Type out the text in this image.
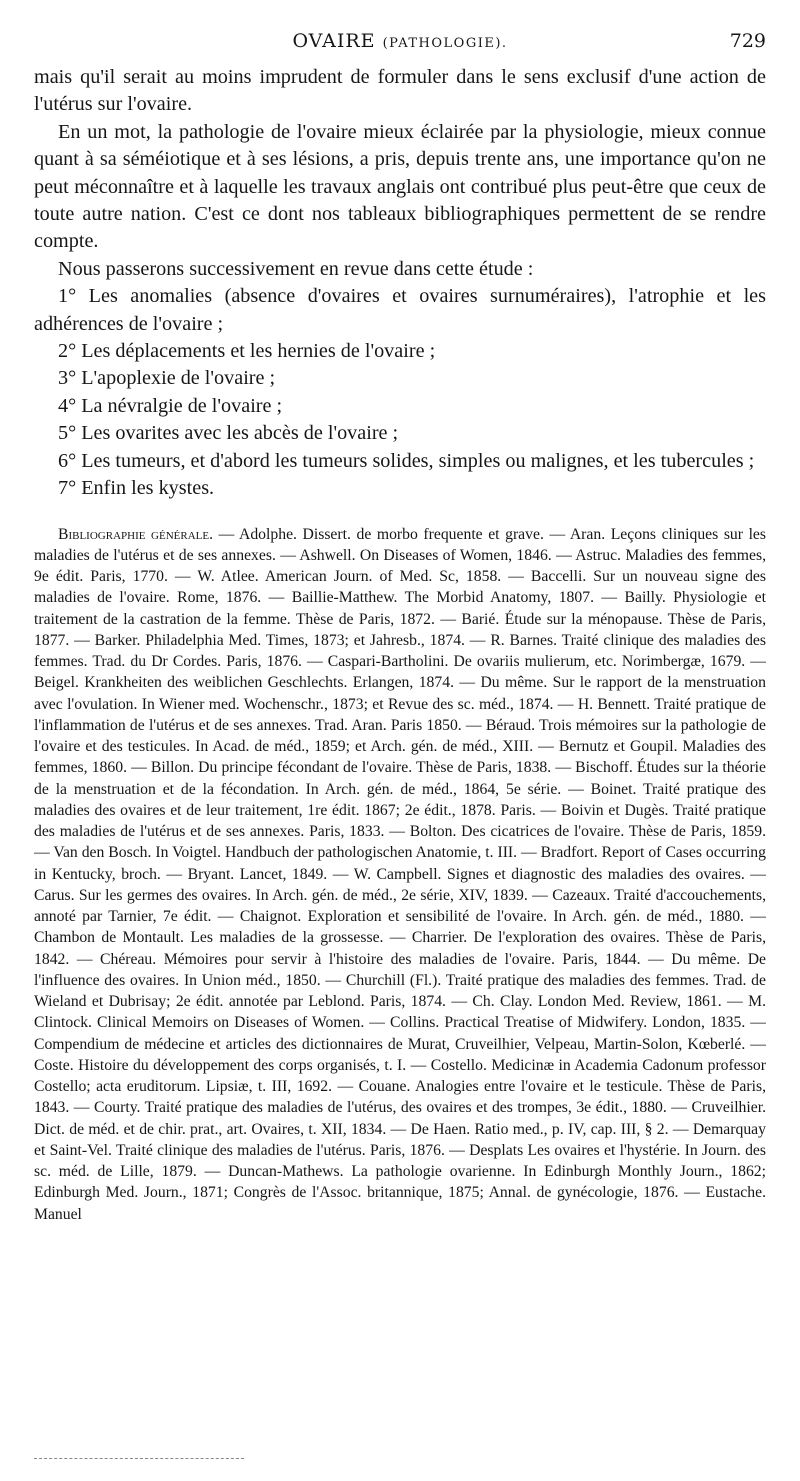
OVAIRE (PATHOLOGIE).	729

mais qu'il serait au moins imprudent de formuler dans le sens exclusif d'une action de l'utérus sur l'ovaire.

En un mot, la pathologie de l'ovaire mieux éclairée par la physiologie, mieux connue quant à sa séméiotique et à ses lésions, a pris, depuis trente ans, une importance qu'on ne peut méconnaître et à laquelle les travaux anglais ont contribué plus peut-être que ceux de toute autre nation. C'est ce dont nos tableaux bibliographiques permettent de se rendre compte.

Nous passerons successivement en revue dans cette étude :

1° Les anomalies (absence d'ovaires et ovaires surnuméraires), l'atrophie et les adhérences de l'ovaire ;

2° Les déplacements et les hernies de l'ovaire ;

3° L'apoplexie de l'ovaire ;

4° La névralgie de l'ovaire ;

5° Les ovarites avec les abcès de l'ovaire ;

6° Les tumeurs, et d'abord les tumeurs solides, simples ou malignes, et les tubercules ;

7° Enfin les kystes.

Bibliographie générale. — Adolphe. Dissert. de morbo frequente et grave. — Aran. Leçons cliniques sur les maladies de l'utérus et de ses annexes. — Ashwell. On Diseases of Women, 1846. — Astruc. Maladies des femmes, 9e édit. Paris, 1770. — W. Atlee. American Journ. of Med. Sc, 1858. — Baccelli. Sur un nouveau signe des maladies de l'ovaire. Rome, 1876. — Baillie-Matthew. The Morbid Anatomy, 1807. — Bailly. Physiologie et traitement de la castration de la femme. Thèse de Paris, 1872. — Barié. Étude sur la ménopause. Thèse de Paris, 1877. — Barker. Philadelphia Med. Times, 1873; et Jahresb., 1874. — R. Barnes. Traité clinique des maladies des femmes. Trad. du Dr Cordes. Paris, 1876. — Caspari-Bartholini. De ovariis mulierum, etc. Norimbergæ, 1679. — Beigel. Krankheiten des weiblichen Geschlechts. Erlangen, 1874. — Du même. Sur le rapport de la menstruation avec l'ovulation. In Wiener med. Wochenschr., 1873; et Revue des sc. méd., 1874. — H. Bennett. Traité pratique de l'inflammation de l'utérus et de ses annexes. Trad. Aran. Paris 1850. — Béraud. Trois mémoires sur la pathologie de l'ovaire et des testicules. In Acad. de méd., 1859; et Arch. gén. de méd., XIII. — Bernutz et Goupil. Maladies des femmes, 1860. — Billon. Du principe fécondant de l'ovaire. Thèse de Paris, 1838. — Bischoff. Études sur la théorie de la menstruation et de la fécondation. In Arch. gén. de méd., 1864, 5e série. — Boinet. Traité pratique des maladies des ovaires et de leur traitement, 1re édit. 1867; 2e édit., 1878. Paris. — Boivin et Dugès. Traité pratique des maladies de l'utérus et de ses annexes. Paris, 1833. — Bolton. Des cicatrices de l'ovaire. Thèse de Paris, 1859. — Van den Bosch. In Voigtel. Handbuch der pathologischen Anatomie, t. III. — Bradfort. Report of Cases occurring in Kentucky, broch. — Bryant. Lancet, 1849. — W. Campbell. Signes et diagnostic des maladies des ovaires. — Carus. Sur les germes des ovaires. In Arch. gén. de méd., 2e série, XIV, 1839. — Cazeaux. Traité d'accouchements, annoté par Tarnier, 7e édit. — Chaignot. Exploration et sensibilité de l'ovaire. In Arch. gén. de méd., 1880. — Chambon de Montault. Les maladies de la grossesse. — Charrier. De l'exploration des ovaires. Thèse de Paris, 1842. — Chéreau. Mémoires pour servir à l'histoire des maladies de l'ovaire. Paris, 1844. — Du même. De l'influence des ovaires. In Union méd., 1850. — Churchill (Fl.). Traité pratique des maladies des femmes. Trad. de Wieland et Dubrisay; 2e édit. annotée par Leblond. Paris, 1874. — Ch. Clay. London Med. Review, 1861. — M. Clintock. Clinical Memoirs on Diseases of Women. — Collins. Practical Treatise of Midwifery. London, 1835. — Compendium de médecine et articles des dictionnaires de Murat, Cruveilhier, Velpeau, Martin-Solon, Kœberlé. — Coste. Histoire du développement des corps organisés, t. I. — Costello. Medicinæ in Academia Cadonum professor Costello; acta eruditorum. Lipsiæ, t. III, 1692. — Couane. Analogies entre l'ovaire et le testicule. Thèse de Paris, 1843. — Courty. Traité pratique des maladies de l'utérus, des ovaires et des trompes, 3e édit., 1880. — Cruveilhier. Dict. de méd. et de chir. prat., art. Ovaires, t. XII, 1834. — De Haen. Ratio med., p. IV, cap. III, § 2. — Demarquay et Saint-Vel. Traité clinique des maladies de l'utérus. Paris, 1876. — Desplats Les ovaires et l'hystérie. In Journ. des sc. méd. de Lille, 1879. — Duncan-Mathews. La pathologie ovarienne. In Edinburgh Monthly Journ., 1862; Edinburgh Med. Journ., 1871; Congrès de l'Assoc. britannique, 1875; Annal. de gynécologie, 1876. — Eustache. Manuel
